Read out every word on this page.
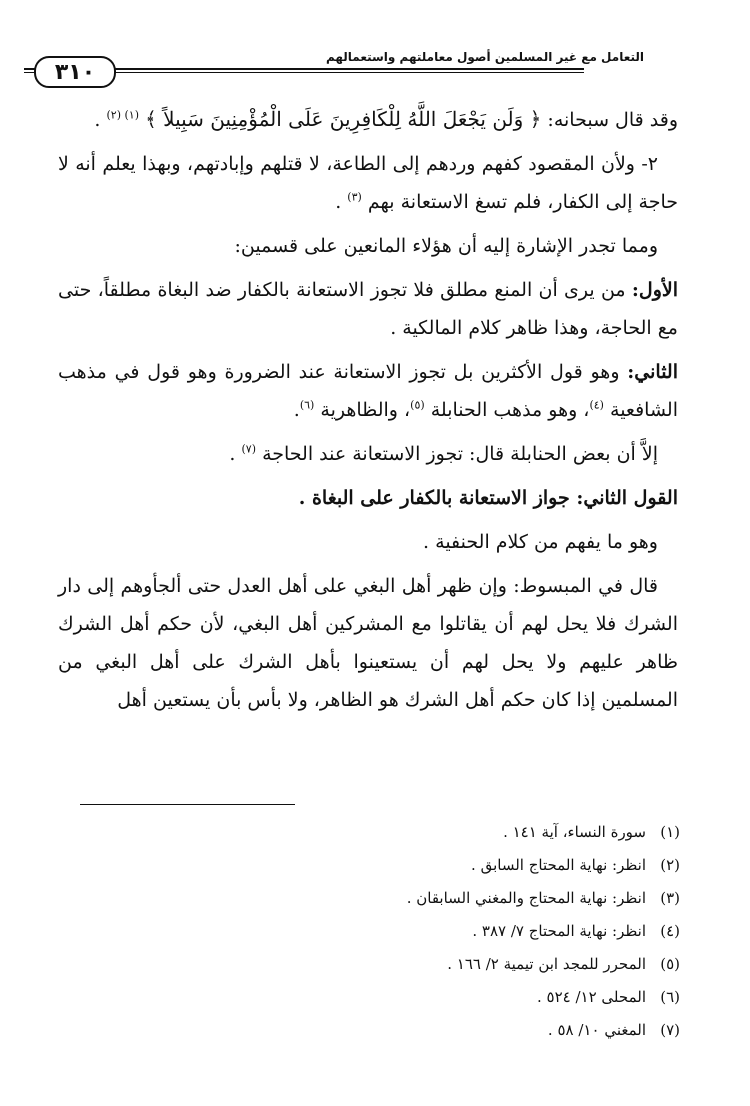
التعامل مع غير المسلمين أصول معاملتهم واستعمالهم
٣١٠

وقد قال سبحانه: ﴿ وَلَن يَجْعَلَ اللَّهُ لِلْكَافِرِينَ عَلَى الْمُؤْمِنِينَ سَبِيلاً ﴾ $^{(١) (٢)}$ .

٢- ولأن المقصود كفهم وردهم إلى الطاعة، لا قتلهم وإبادتهم، وبهذا يعلم أنه لا حاجة إلى الكفار، فلم تسغ الاستعانة بهم $^{(٣)}$ .

ومما تجدر الإشارة إليه أن هؤلاء المانعين على قسمين:

الأول: من يرى أن المنع مطلق فلا تجوز الاستعانة بالكفار ضد البغاة مطلقاً، حتى مع الحاجة، وهذا ظاهر كلام المالكية .

الثاني: وهو قول الأكثرين بل تجوز الاستعانة عند الضرورة وهو قول في مذهب الشافعية $^{(٤)}$، وهو مذهب الحنابلة $^{(٥)}$، والظاهرية $^{(٦)}$.

إلاَّ أن بعض الحنابلة قال: تجوز الاستعانة عند الحاجة $^{(٧)}$ .

القول الثاني: جواز الاستعانة بالكفار على البغاة .

وهو ما يفهم من كلام الحنفية .

قال في المبسوط: وإن ظهر أهل البغي على أهل العدل حتى ألجأوهم إلى دار الشرك فلا يحل لهم أن يقاتلوا مع المشركين أهل البغي، لأن حكم أهل الشرك ظاهر عليهم ولا يحل لهم أن يستعينوا بأهل الشرك على أهل البغي من المسلمين إذا كان حكم أهل الشرك هو الظاهر، ولا بأس بأن يستعين أهل

(١)
سورة النساء، آية ١٤١ .
(٢)
انظر: نهاية المحتاج السابق .
(٣)
انظر: نهاية المحتاج والمغني السابقان .
(٤)
انظر: نهاية المحتاج ٧/ ٣٨٧ .
(٥)
المحرر للمجد ابن تيمية ٢/ ١٦٦ .
(٦)
المحلى ١٢/ ٥٢٤ .
(٧)
المغني ١٠/ ٥٨ .
